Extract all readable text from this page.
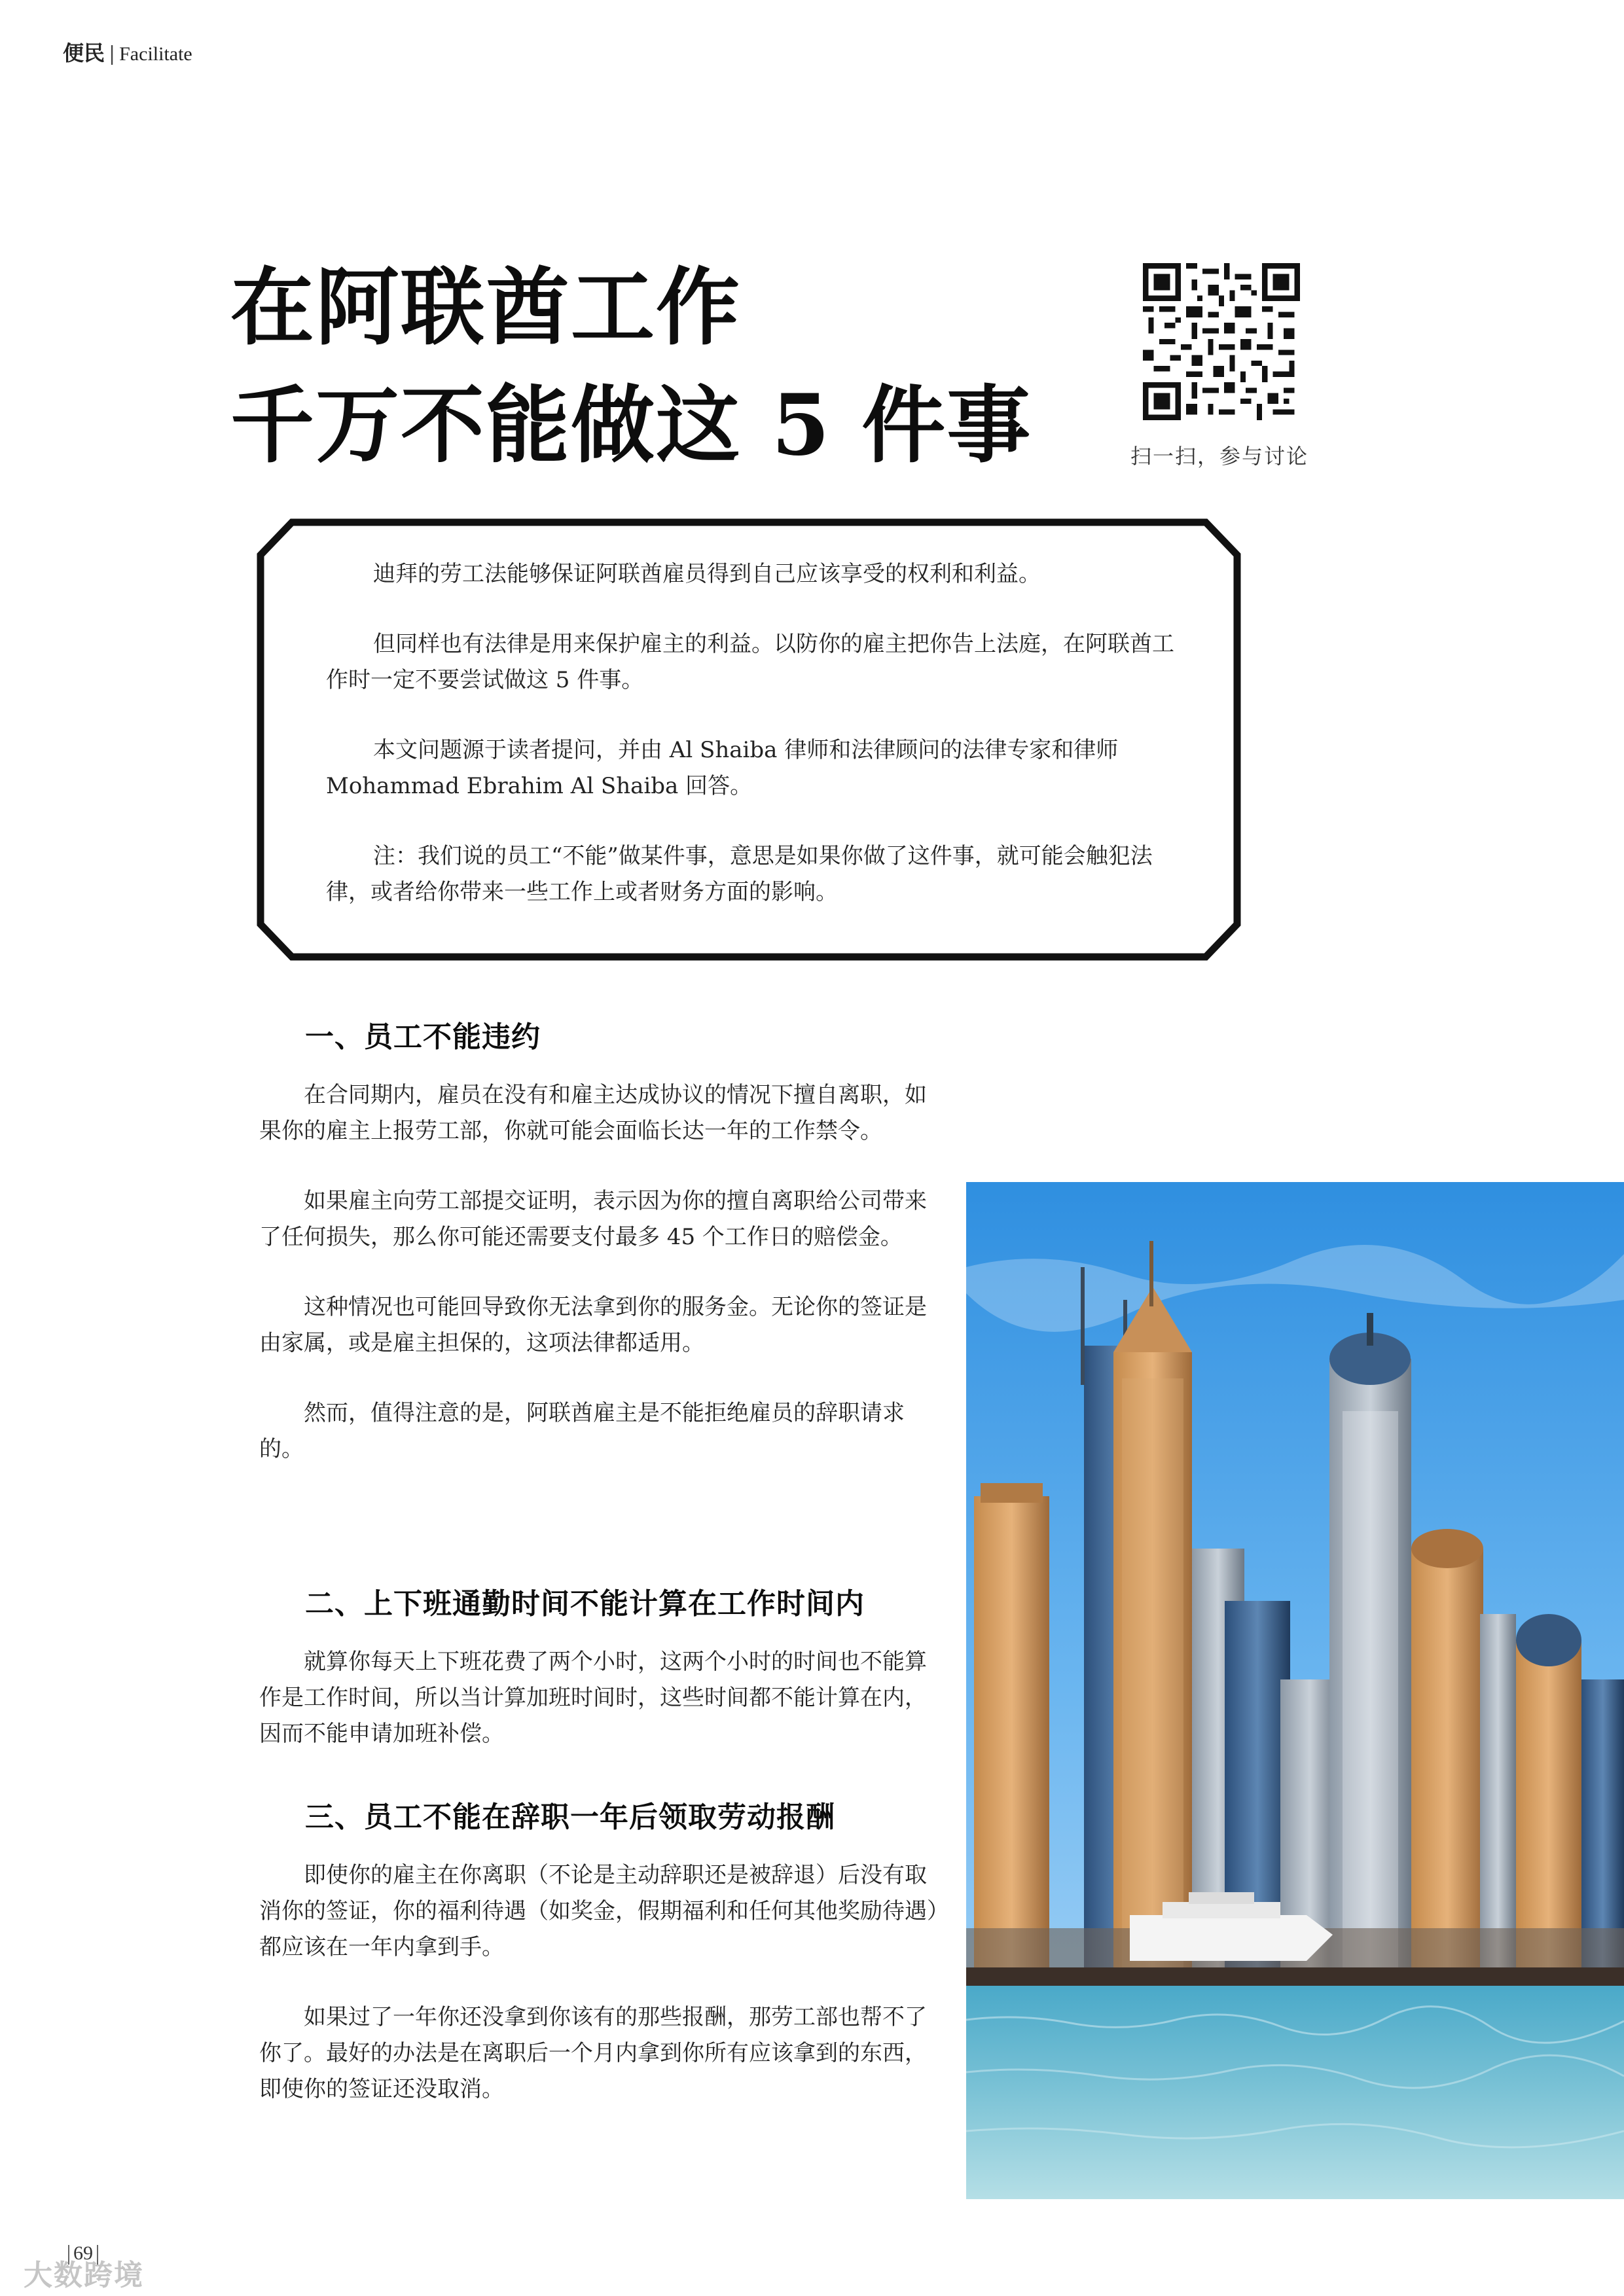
便民 | Facilitate
在阿联酋工作
千万不能做这 5 件事	扫一扫，参与讨论

迪拜的劳工法能够保证阿联酋雇员得到自己应该享受的权利和利益。

但同样也有法律是用来保护雇主的利益。以防你的雇主把你告上法庭，在阿联酋工作时一定不要尝试做这 5 件事。

本文问题源于读者提问，并由 Al Shaiba 律师和法律顾问的法律专家和律师 Mohammad Ebrahim Al Shaiba 回答。

注：我们说的员工“不能”做某件事，意思是如果你做了这件事，就可能会触犯法律，或者给你带来一些工作上或者财务方面的影响。

一、员工不能违约

在合同期内，雇员在没有和雇主达成协议的情况下擅自离职，如果你的雇主上报劳工部，你就可能会面临长达一年的工作禁令。

如果雇主向劳工部提交证明，表示因为你的擅自离职给公司带来了任何损失，那么你可能还需要支付最多 45 个工作日的赔偿金。

这种情况也可能回导致你无法拿到你的服务金。无论你的签证是由家属，或是雇主担保的，这项法律都适用。

然而，值得注意的是，阿联酋雇主是不能拒绝雇员的辞职请求的。

二、上下班通勤时间不能计算在工作时间内

就算你每天上下班花费了两个小时，这两个小时的时间也不能算作是工作时间，所以当计算加班时间时，这些时间都不能计算在内，因而不能申请加班补偿。

三、员工不能在辞职一年后领取劳动报酬

即使你的雇主在你离职（不论是主动辞职还是被辞退）后没有取消你的签证，你的福利待遇（如奖金，假期福利和任何其他奖励待遇）都应该在一年内拿到手。

如果过了一年你还没拿到你该有的那些报酬，那劳工部也帮不了你了。最好的办法是在离职后一个月内拿到你所有应该拿到的东西，即使你的签证还没取消。

69
大数跨境
